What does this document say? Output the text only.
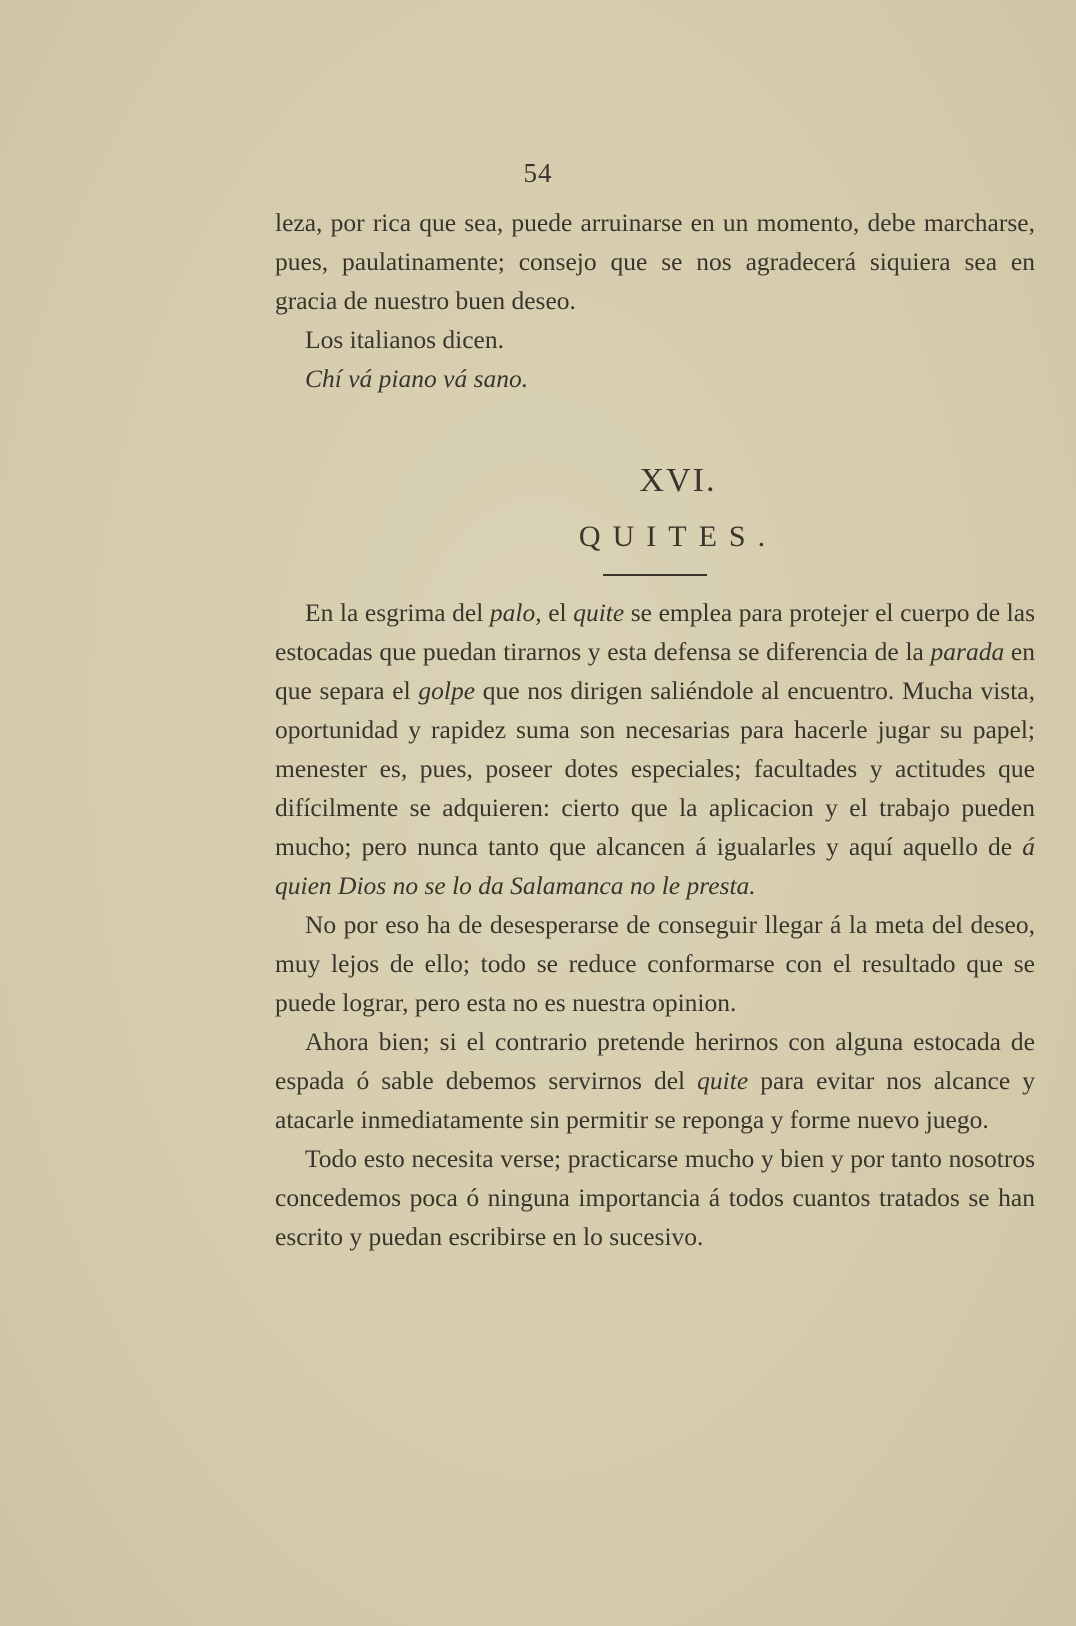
54

leza, por rica que sea, puede arruinarse en un momento, debe marcharse, pues, paulatinamente; consejo que se nos agradecerá siquiera sea en gracia de nuestro buen deseo.

Los italianos dicen.

Chí vá piano vá sano.

XVI.
QUITES.

En la esgrima del palo, el quite se emplea para protejer el cuerpo de las estocadas que puedan tirarnos y esta defensa se diferencia de la parada en que separa el golpe que nos dirigen saliéndole al encuentro. Mucha vista, oportunidad y rapidez suma son necesarias para hacerle jugar su papel; menester es, pues, poseer dotes especiales; facultades y actitudes que difícilmente se adquieren: cierto que la aplicacion y el trabajo pueden mucho; pero nunca tanto que alcancen á igualarles y aquí aquello de á quien Dios no se lo da Salamanca no le presta.

No por eso ha de desesperarse de conseguir llegar á la meta del deseo, muy lejos de ello; todo se reduce conformarse con el resultado que se puede lograr, pero esta no es nuestra opinion.

Ahora bien; si el contrario pretende herirnos con alguna estocada de espada ó sable debemos servirnos del quite para evitar nos alcance y atacarle inmediatamente sin permitir se reponga y forme nuevo juego.

Todo esto necesita verse; practicarse mucho y bien y por tanto nosotros concedemos poca ó ninguna importancia á todos cuantos tratados se han escrito y puedan escribirse en lo sucesivo.
